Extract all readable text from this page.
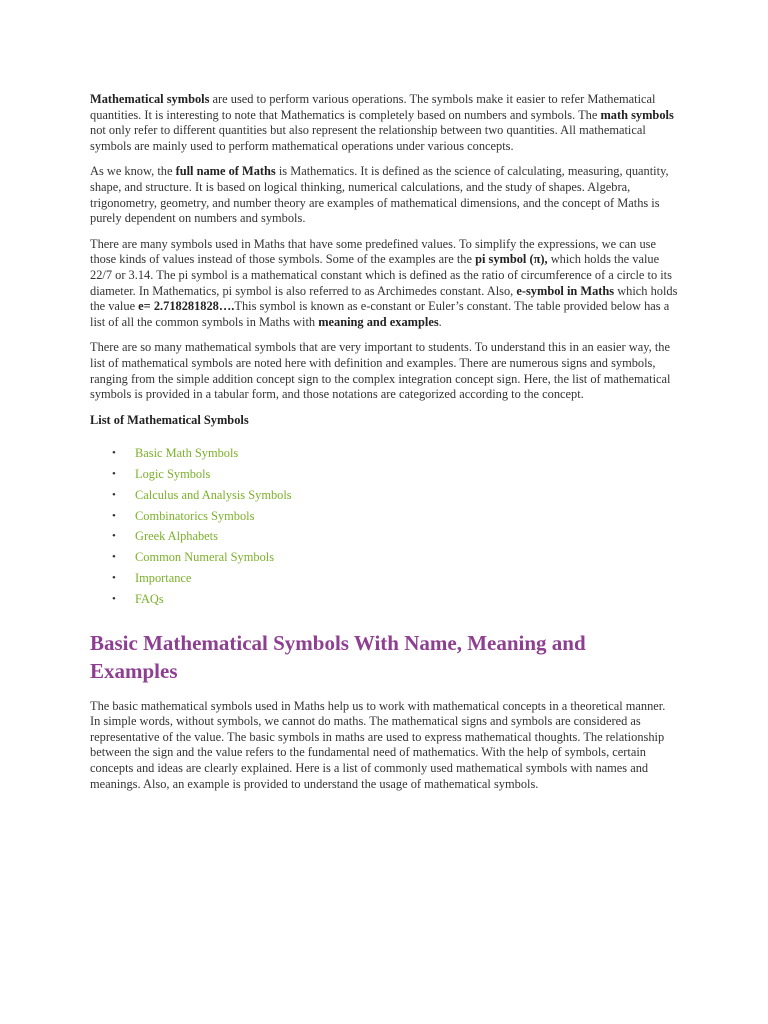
Mathematical symbols are used to perform various operations. The symbols make it easier to refer Mathematical quantities. It is interesting to note that Mathematics is completely based on numbers and symbols. The math symbols not only refer to different quantities but also represent the relationship between two quantities. All mathematical symbols are mainly used to perform mathematical operations under various concepts.

As we know, the full name of Maths is Mathematics. It is defined as the science of calculating, measuring, quantity, shape, and structure. It is based on logical thinking, numerical calculations, and the study of shapes. Algebra, trigonometry, geometry, and number theory are examples of mathematical dimensions, and the concept of Maths is purely dependent on numbers and symbols.

There are many symbols used in Maths that have some predefined values. To simplify the expressions, we can use those kinds of values instead of those symbols. Some of the examples are the pi symbol (π), which holds the value 22/7 or 3.14. The pi symbol is a mathematical constant which is defined as the ratio of circumference of a circle to its diameter. In Mathematics, pi symbol is also referred to as Archimedes constant. Also, e-symbol in Maths which holds the value e= 2.718281828….This symbol is known as e-constant or Euler’s constant. The table provided below has a list of all the common symbols in Maths with meaning and examples.

There are so many mathematical symbols that are very important to students. To understand this in an easier way, the list of mathematical symbols are noted here with definition and examples. There are numerous signs and symbols, ranging from the simple addition concept sign to the complex integration concept sign. Here, the list of mathematical symbols is provided in a tabular form, and those notations are categorized according to the concept.

List of Mathematical Symbols

• Basic Math Symbols
• Logic Symbols
• Calculus and Analysis Symbols
• Combinatorics Symbols
• Greek Alphabets
• Common Numeral Symbols
• Importance
• FAQs
Basic Mathematical Symbols With Name, Meaning and Examples

The basic mathematical symbols used in Maths help us to work with mathematical concepts in a theoretical manner. In simple words, without symbols, we cannot do maths. The mathematical signs and symbols are considered as representative of the value. The basic symbols in maths are used to express mathematical thoughts. The relationship between the sign and the value refers to the fundamental need of mathematics. With the help of symbols, certain concepts and ideas are clearly explained. Here is a list of commonly used mathematical symbols with names and meanings. Also, an example is provided to understand the usage of mathematical symbols.
